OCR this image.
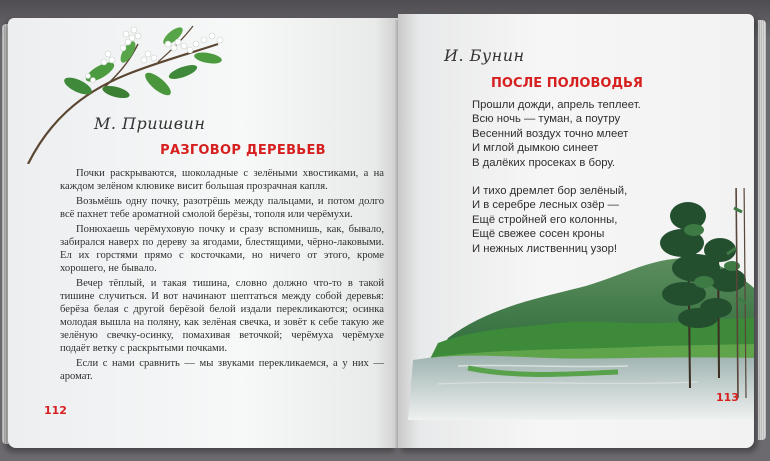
М. Пришвин
РАЗГОВОР ДЕРЕВЬЕВ

Почки раскрываются, шоколадные с зелёными хвостиками, а на каждом зелёном клювике висит большая прозрачная капля.

Возьмёшь одну почку, разотрёшь между пальцами, и потом долго всё пахнет тебе ароматной смолой берёзы, тополя или черёмухи.

Понюхаешь черёмуховую почку и сразу вспомнишь, как, бывало, забирался наверх по дереву за ягодами, блестящими, чёрно-лаковыми. Ел их горстями прямо с косточками, но ничего от этого, кроме хорошего, не бывало.

Вечер тёплый, и такая тишина, словно должно что-то в такой тишине случиться. И вот начинают шептаться между собой деревья: берёза белая с другой берёзой белой издали перекликаются; осинка молодая вышла на поляну, как зелёная свечка, и зовёт к себе такую же зелёную свечку-осинку, помахивая веточкой; черёмуха черёмухе подаёт ветку с раскрытыми почками.

Если с нами сравнить — мы звуками перекликаемся, а у них — аромат.

112
И. Бунин
ПОСЛЕ ПОЛОВОДЬЯ
Прошли дожди, апрель теплеет.
Всю ночь — туман, а поутру
Весенний воздух точно млеет
И мглой дымкою синеет
В далёких просеках в бору.
И тихо дремлет бор зелёный,
И в серебре лесных озёр —
Ещё стройней его колонны,
Ещё свежее сосен кроны
И нежных лиственниц узор!
113
